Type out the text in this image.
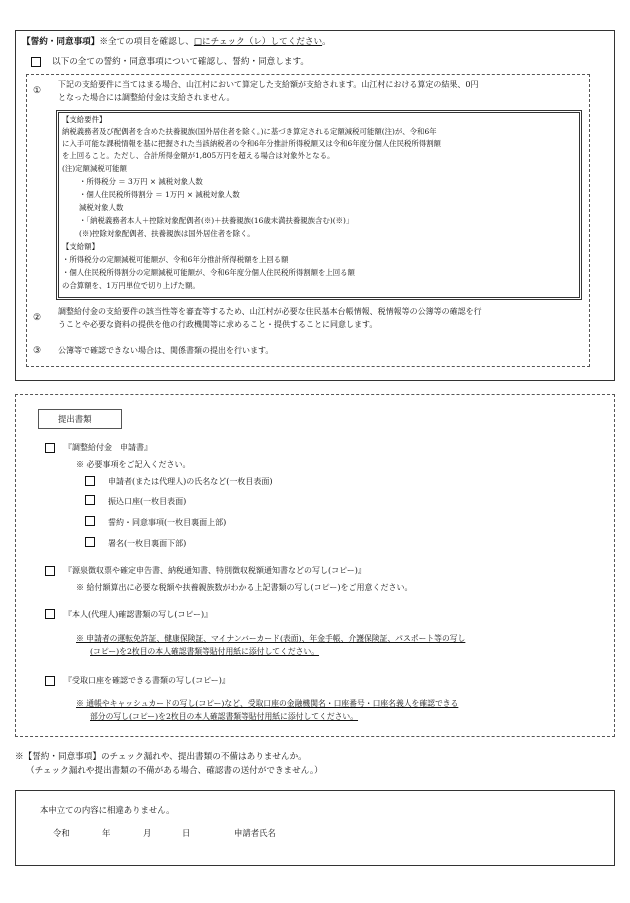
【誓約・同意事項】※全ての項目を確認し、□にチェック（レ）してください。
以下の全ての誓約・同意事項について確認し、誓約・同意します。
①
下記の支給要件に当てはまる場合、山江村において算定した支給額が支給されます。山江村における算定の結果、0円
となった場合には調整給付金は支給されません。
【支給要件】
納税義務者及び配偶者を含めた扶養親族(国外居住者を除く。)に基づき算定される定額減税可能額(注)が、令和6年
に入手可能な課税情報を基に把握された当該納税者の令和6年分推計所得税額又は令和6年度分個人住民税所得割額
を上回ること。ただし、合計所得金額が1,805万円を超える場合は対象外となる。
(注)定額減税可能額
・所得税分 ＝ 3万円 × 減税対象人数
・個人住民税所得割分 ＝ 1万円 × 減税対象人数
減税対象人数
・「納税義務者本人＋控除対象配偶者(※)＋扶養親族(16歳未満扶養親族含む)(※)」
(※)控除対象配偶者、扶養親族は国外居住者を除く。
【支給額】
・所得税分の定額減税可能額が、令和6年分推計所得税額を上回る額
・個人住民税所得割分の定額減税可能額が、令和6年度分個人住民税所得割額を上回る額
の合算額を、1万円単位で切り上げた額。
②
調整給付金の支給要件の該当性等を審査等するため、山江村が必要な住民基本台帳情報、税情報等の公簿等の確認を行
うことや必要な資料の提供を他の行政機関等に求めること・提供することに同意します。
③ 公簿等で確認できない場合は、関係書類の提出を行います。
提出書類
『調整給付金　申請書』
※ 必要事項をご記入ください。
申請者(または代理人)の氏名など(一枚目表面)
振込口座(一枚目表面)
誓約・同意事項(一枚目裏面上部)
署名(一枚目裏面下部)
『源泉徴収票や確定申告書、納税通知書、特別徴収税額通知書などの写し(コピー)』
※ 給付額算出に必要な税額や扶養親族数がわかる上記書類の写し(コピー)をご用意ください。
『本人(代理人)確認書類の写し(コピー)』
※ 申請者の運転免許証、健康保険証、マイナンバーカード(表面)、年金手帳、介護保険証、パスポート等の写し
(コピー)を2枚目の本人確認書類等貼付用紙に添付してください。
『受取口座を確認できる書類の写し(コピー)』
※ 通帳やキャッシュカードの写し(コピー)など、受取口座の金融機関名・口座番号・口座名義人を確認できる
部分の写し(コピー)を2枚目の本人確認書類等貼付用紙に添付してください。
※【誓約・同意事項】のチェック漏れや、提出書類の不備はありませんか。
（チェック漏れや提出書類の不備がある場合、確認書の送付ができません。）
本申立ての内容に相違ありません。
令和	年	月	日	申請者氏名
